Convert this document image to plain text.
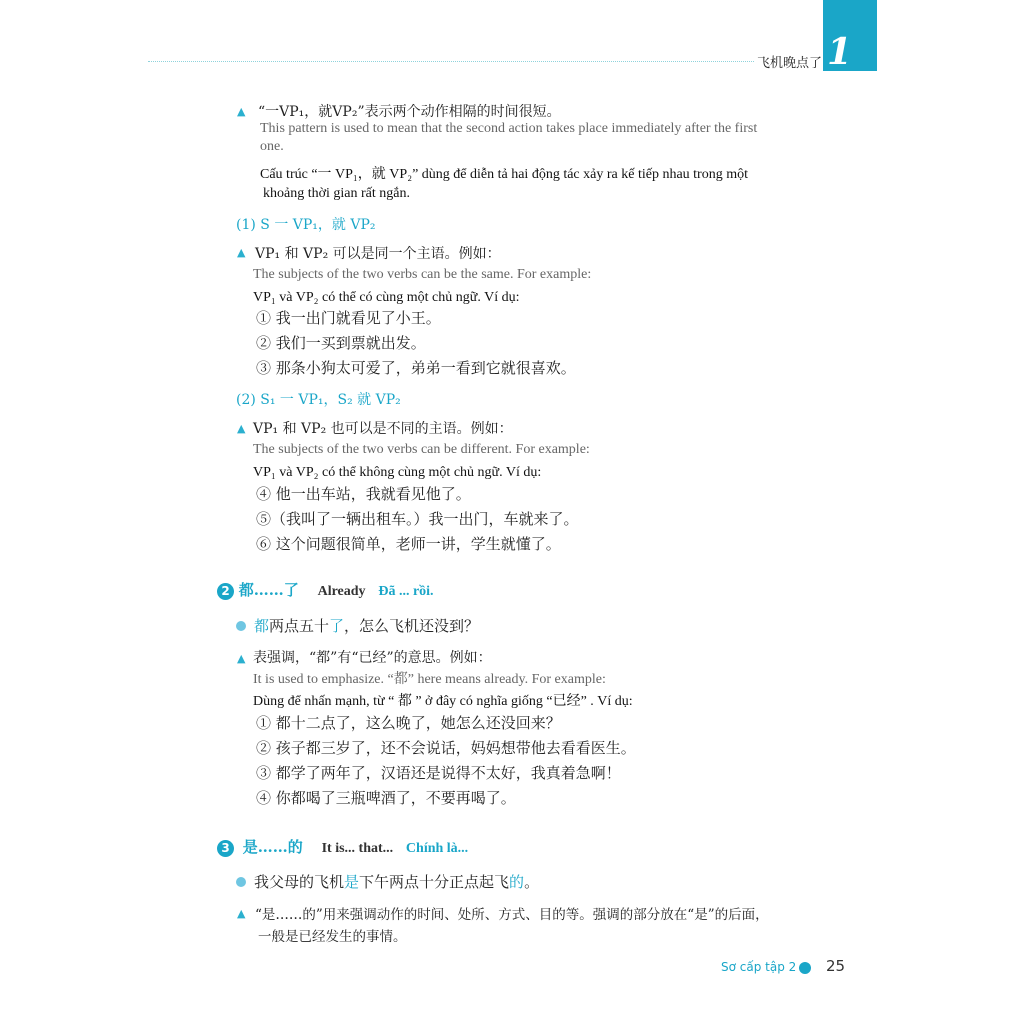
飞机晚点了 1
▲ “一VP₁，就VP₂”表示两个动作相隔的时间很短。
This pattern is used to mean that the second action takes place immediately after the first
one.
Cấu trúc “一 VP₁，就 VP₂” dùng để diễn tả hai động tác xảy ra kế tiếp nhau trong một
khoảng thời gian rất ngắn.
(1) S 一 VP₁，就 VP₂
▲ VP₁ 和 VP₂ 可以是同一个主语。例如：
The subjects of the two verbs can be the same. For example:
VP₁ và VP₂ có thể có cùng một chủ ngữ. Ví dụ:
① 我一出门就看见了小王。
② 我们一买到票就出发。
③ 那条小狗太可爱了，弟弟一看到它就很喜欢。
(2) S₁ 一 VP₁，S₂ 就 VP₂
▲ VP₁ 和 VP₂ 也可以是不同的主语。例如：
The subjects of the two verbs can be different. For example:
VP₁ và VP₂ có thể không cùng một chủ ngữ. Ví dụ:
④ 他一出车站，我就看见他了。
⑤（我叫了一辆出租车。）我一出门，车就来了。
⑥ 这个问题很简单，老师一讲，学生就懂了。
2 都……了 Already Đã ... rồi.
都两点五十了，怎么飞机还没到？
▲ 表强调，“都”有“已经”的意思。例如：
It is used to emphasize. “都” here means already. For example:
Dùng để nhấn mạnh, từ “ 都 ” ở đây có nghĩa giống “已经” . Ví dụ:
① 都十二点了，这么晚了，她怎么还没回来？
② 孩子都三岁了，还不会说话，妈妈想带他去看看医生。
③ 都学了两年了，汉语还是说得不太好，我真着急啊！
④ 你都喝了三瓶啤酒了，不要再喝了。
3 是……的 It is... that... Chính là...
我父母的飞机是下午两点十分正点起飞的。
▲ “是……的”用来强调动作的时间、处所、方式、目的等。强调的部分放在“是”的后面，
一般是已经发生的事情。
Sơ cấp tập 2 25
